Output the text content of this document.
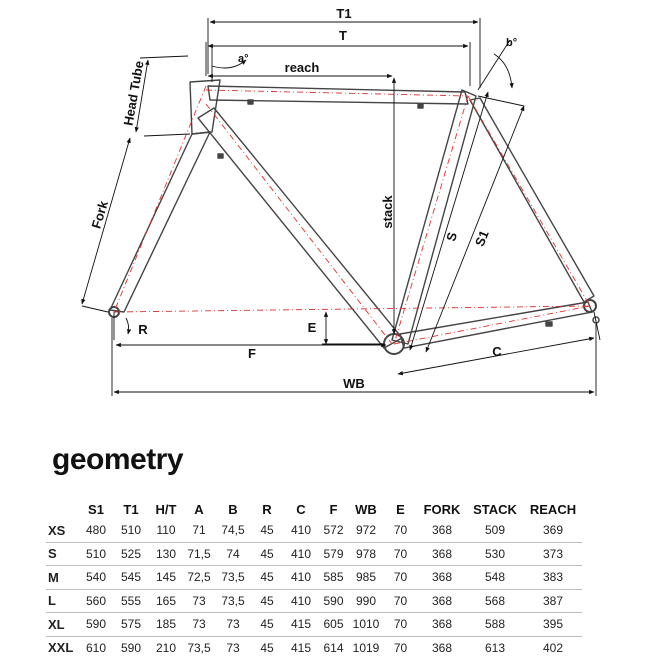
T1
T
a°
b°
reach
stack
Head Tube
Fork
S S1
E
R
F	C
WB
geometry
	S1	T1	H/T	A	B	R	C	F	WB	E	FORK	STACK	REACH
XS	480	510	110	71	74,5	45	410	572	972	70	368	509	369
S	510	525	130	71,5	74	45	410	579	978	70	368	530	373
M	540	545	145	72,5	73,5	45	410	585	985	70	368	548	383
L	560	555	165	73	73,5	45	410	590	990	70	368	568	387
XL	590	575	185	73	73	45	415	605	1010	70	368	588	395
XXL	610	590	210	73,5	73	45	415	614	1019	70	368	613	402
